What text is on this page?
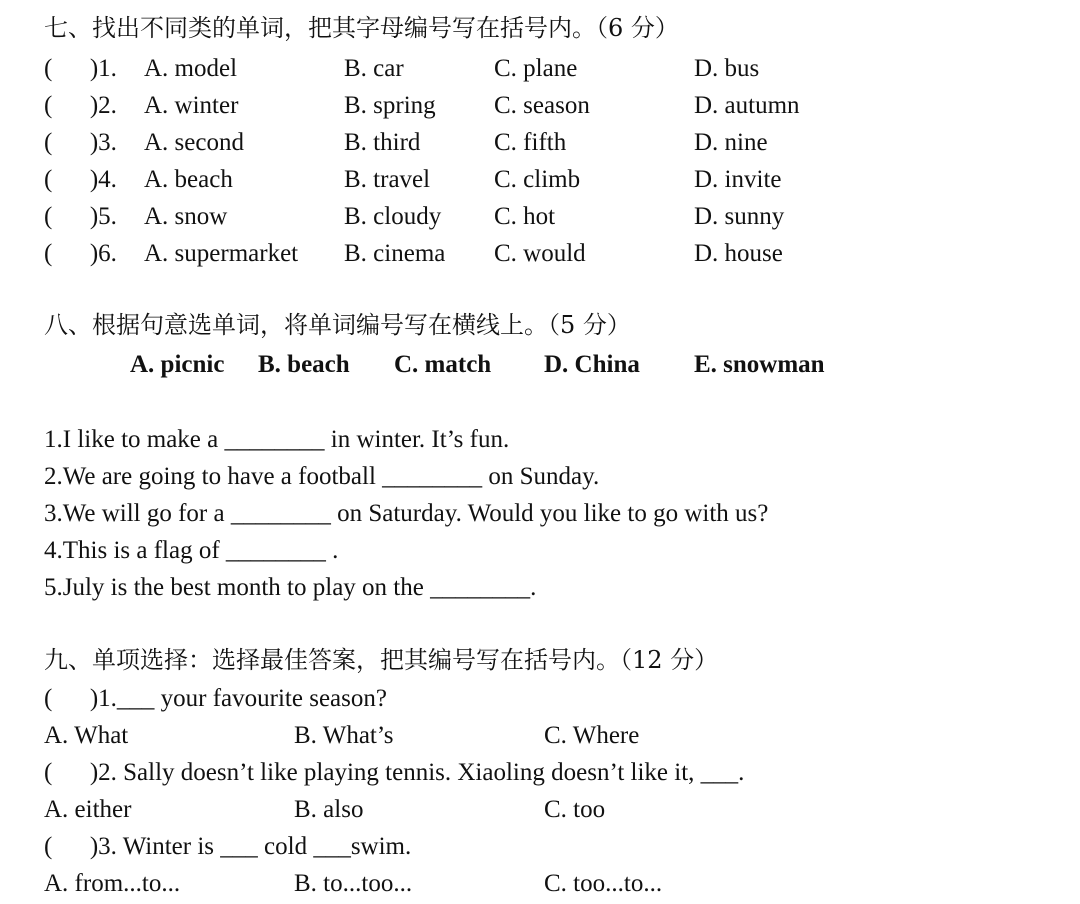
七、找出不同类的单词，把其字母编号写在括号内。（6 分）
(      )1. A. model	B. car	C. plane	D. bus
(      )2. A. winter	B. spring C. season	D. autumn
(      )3. A. second	B. third	C. fifth	D. nine
(      )4. A. beach	B. travel	C. climb	D. invite
(      )5. A. snow	B. cloudy C. hot	D. sunny
(      )6. A. supermarket B. cinema C. would	D. house
八、根据句意选单词，将单词编号写在横线上。（5 分）
A. picnic B. beach C. match D. China E. snowman
1.I like to make a ________ in winter. It’s fun.
2.We are going to have a football ________ on Sunday.
3.We will go for a ________ on Saturday. Would you like to go with us?
4.This is a flag of ________ .
5.July is the best month to play on the ________.
九、单项选择：选择最佳答案，把其编号写在括号内。（12 分）
(      )1.___ your favourite season?
A. What	B. What’s	C. Where
(      )2. Sally doesn’t like playing tennis. Xiaoling doesn’t like it, ___.
A. either	B. also	C. too
(      )3. Winter is ___ cold ___swim.
A. from...to...	B. to...too...	C. too...to...
